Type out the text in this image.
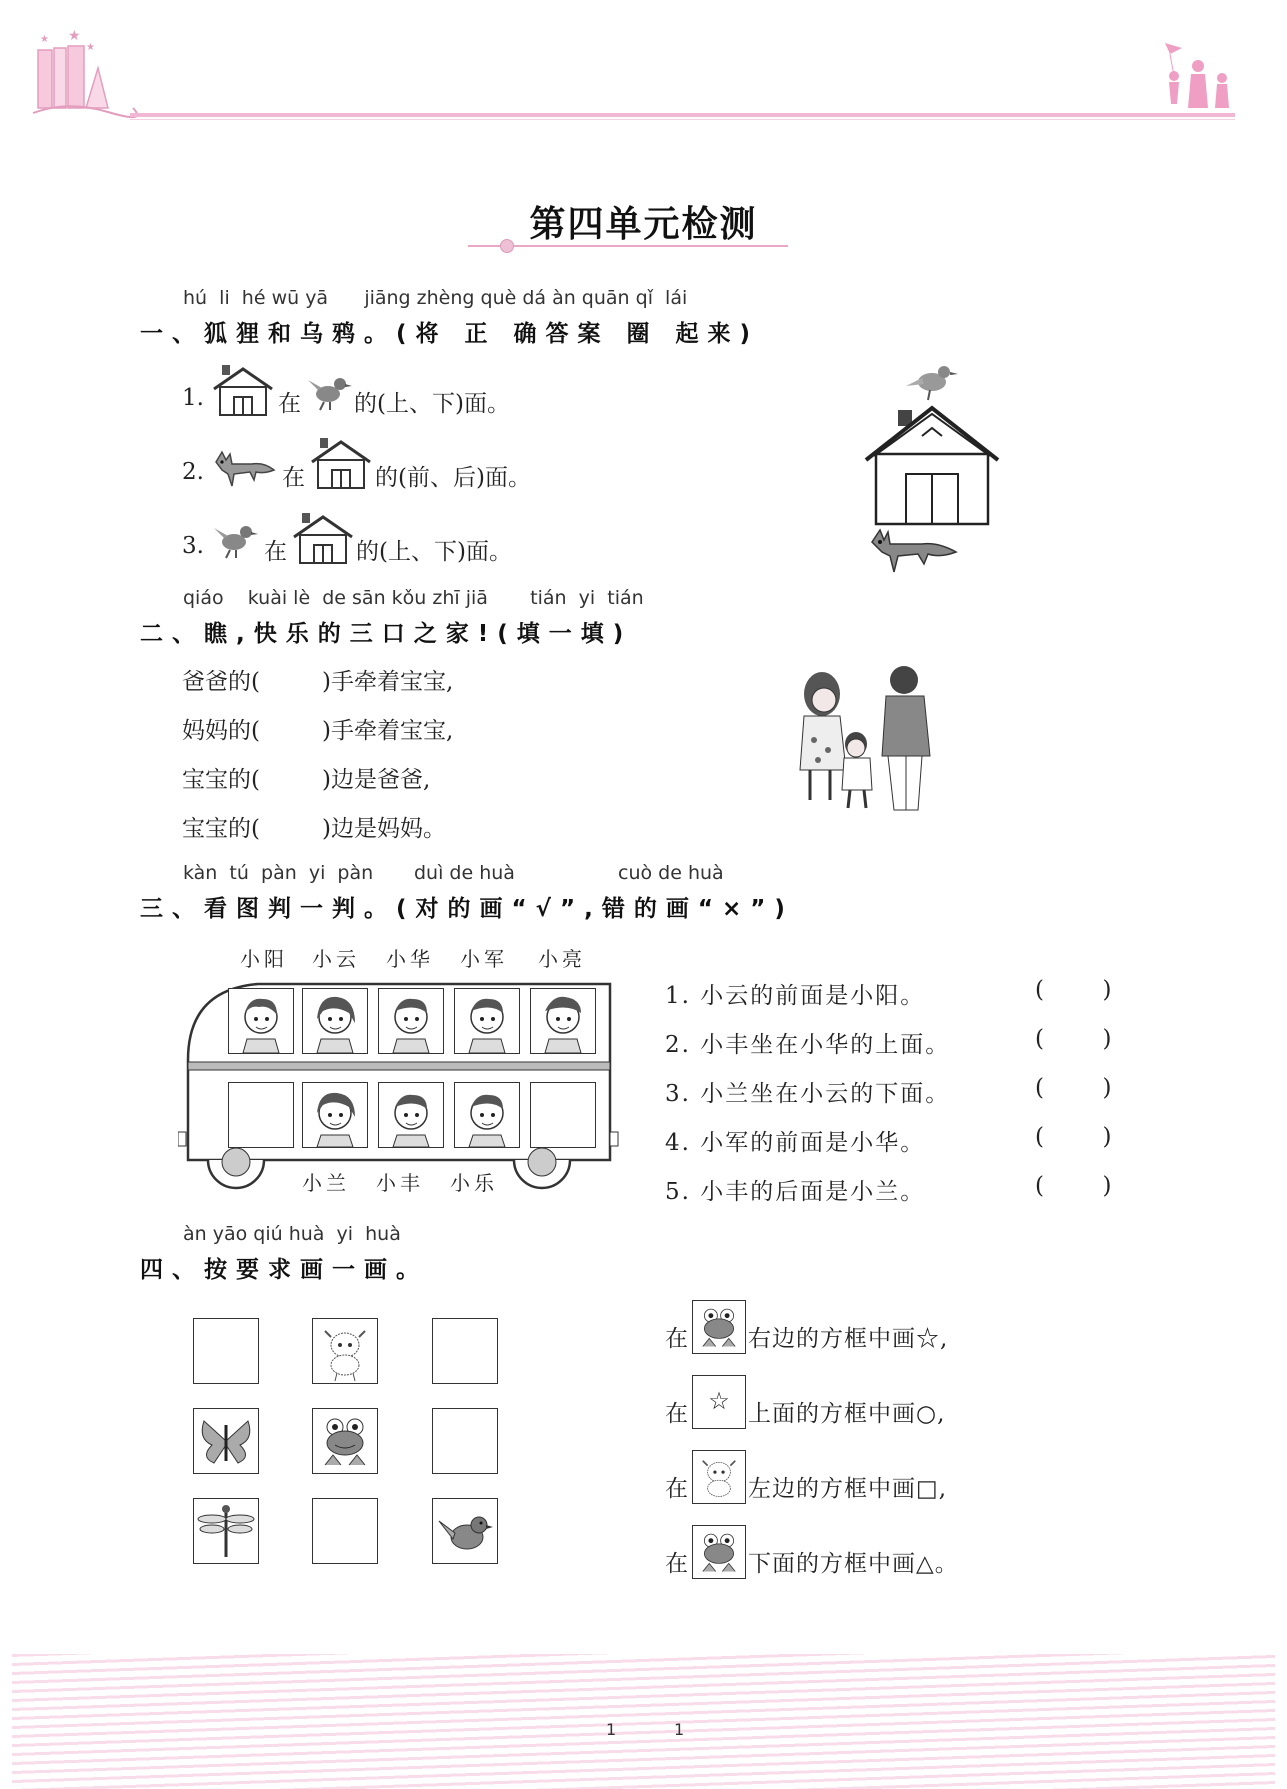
★
★
★
第四单元检测
hú  li  hé wū yā      jiāng zhèng què dá àn quān qǐ  lái
一、狐狸和乌鸦。(将 正 确答案 圈 起来)
1.	在 的(上、下)面。
2.	在	的(前、后)面。
3.	在	的(上、下)面。
qiáo    kuài lè  de sān kǒu zhī jiā       tián  yi  tián
二、瞧,快乐的三口之家!(填一填)
爸爸的(	)手牵着宝宝,
妈妈的(	)手牵着宝宝,
宝宝的(	)边是爸爸,
宝宝的(	)边是妈妈。
kàn  tú  pàn  yi  pàn duì de huà	cuò de huà
三、看图判一判。(对的画“√”,错的画“×”)
小阳 小云 小华 小军 小亮
小兰 小丰 小乐
1. 小云的前面是小阳。	(        )
2. 小丰坐在小华的上面。	(        )
3. 小兰坐在小云的下面。	(        )
4. 小军的前面是小华。	(        )
5. 小丰的后面是小兰。	(        )
àn yāo qiú huà  yi  huà
四、按要求画一画。
在	右边的方框中画☆,
在 ☆ 上面的方框中画○,
在	左边的方框中画□,
在	下面的方框中画△。
1	1
